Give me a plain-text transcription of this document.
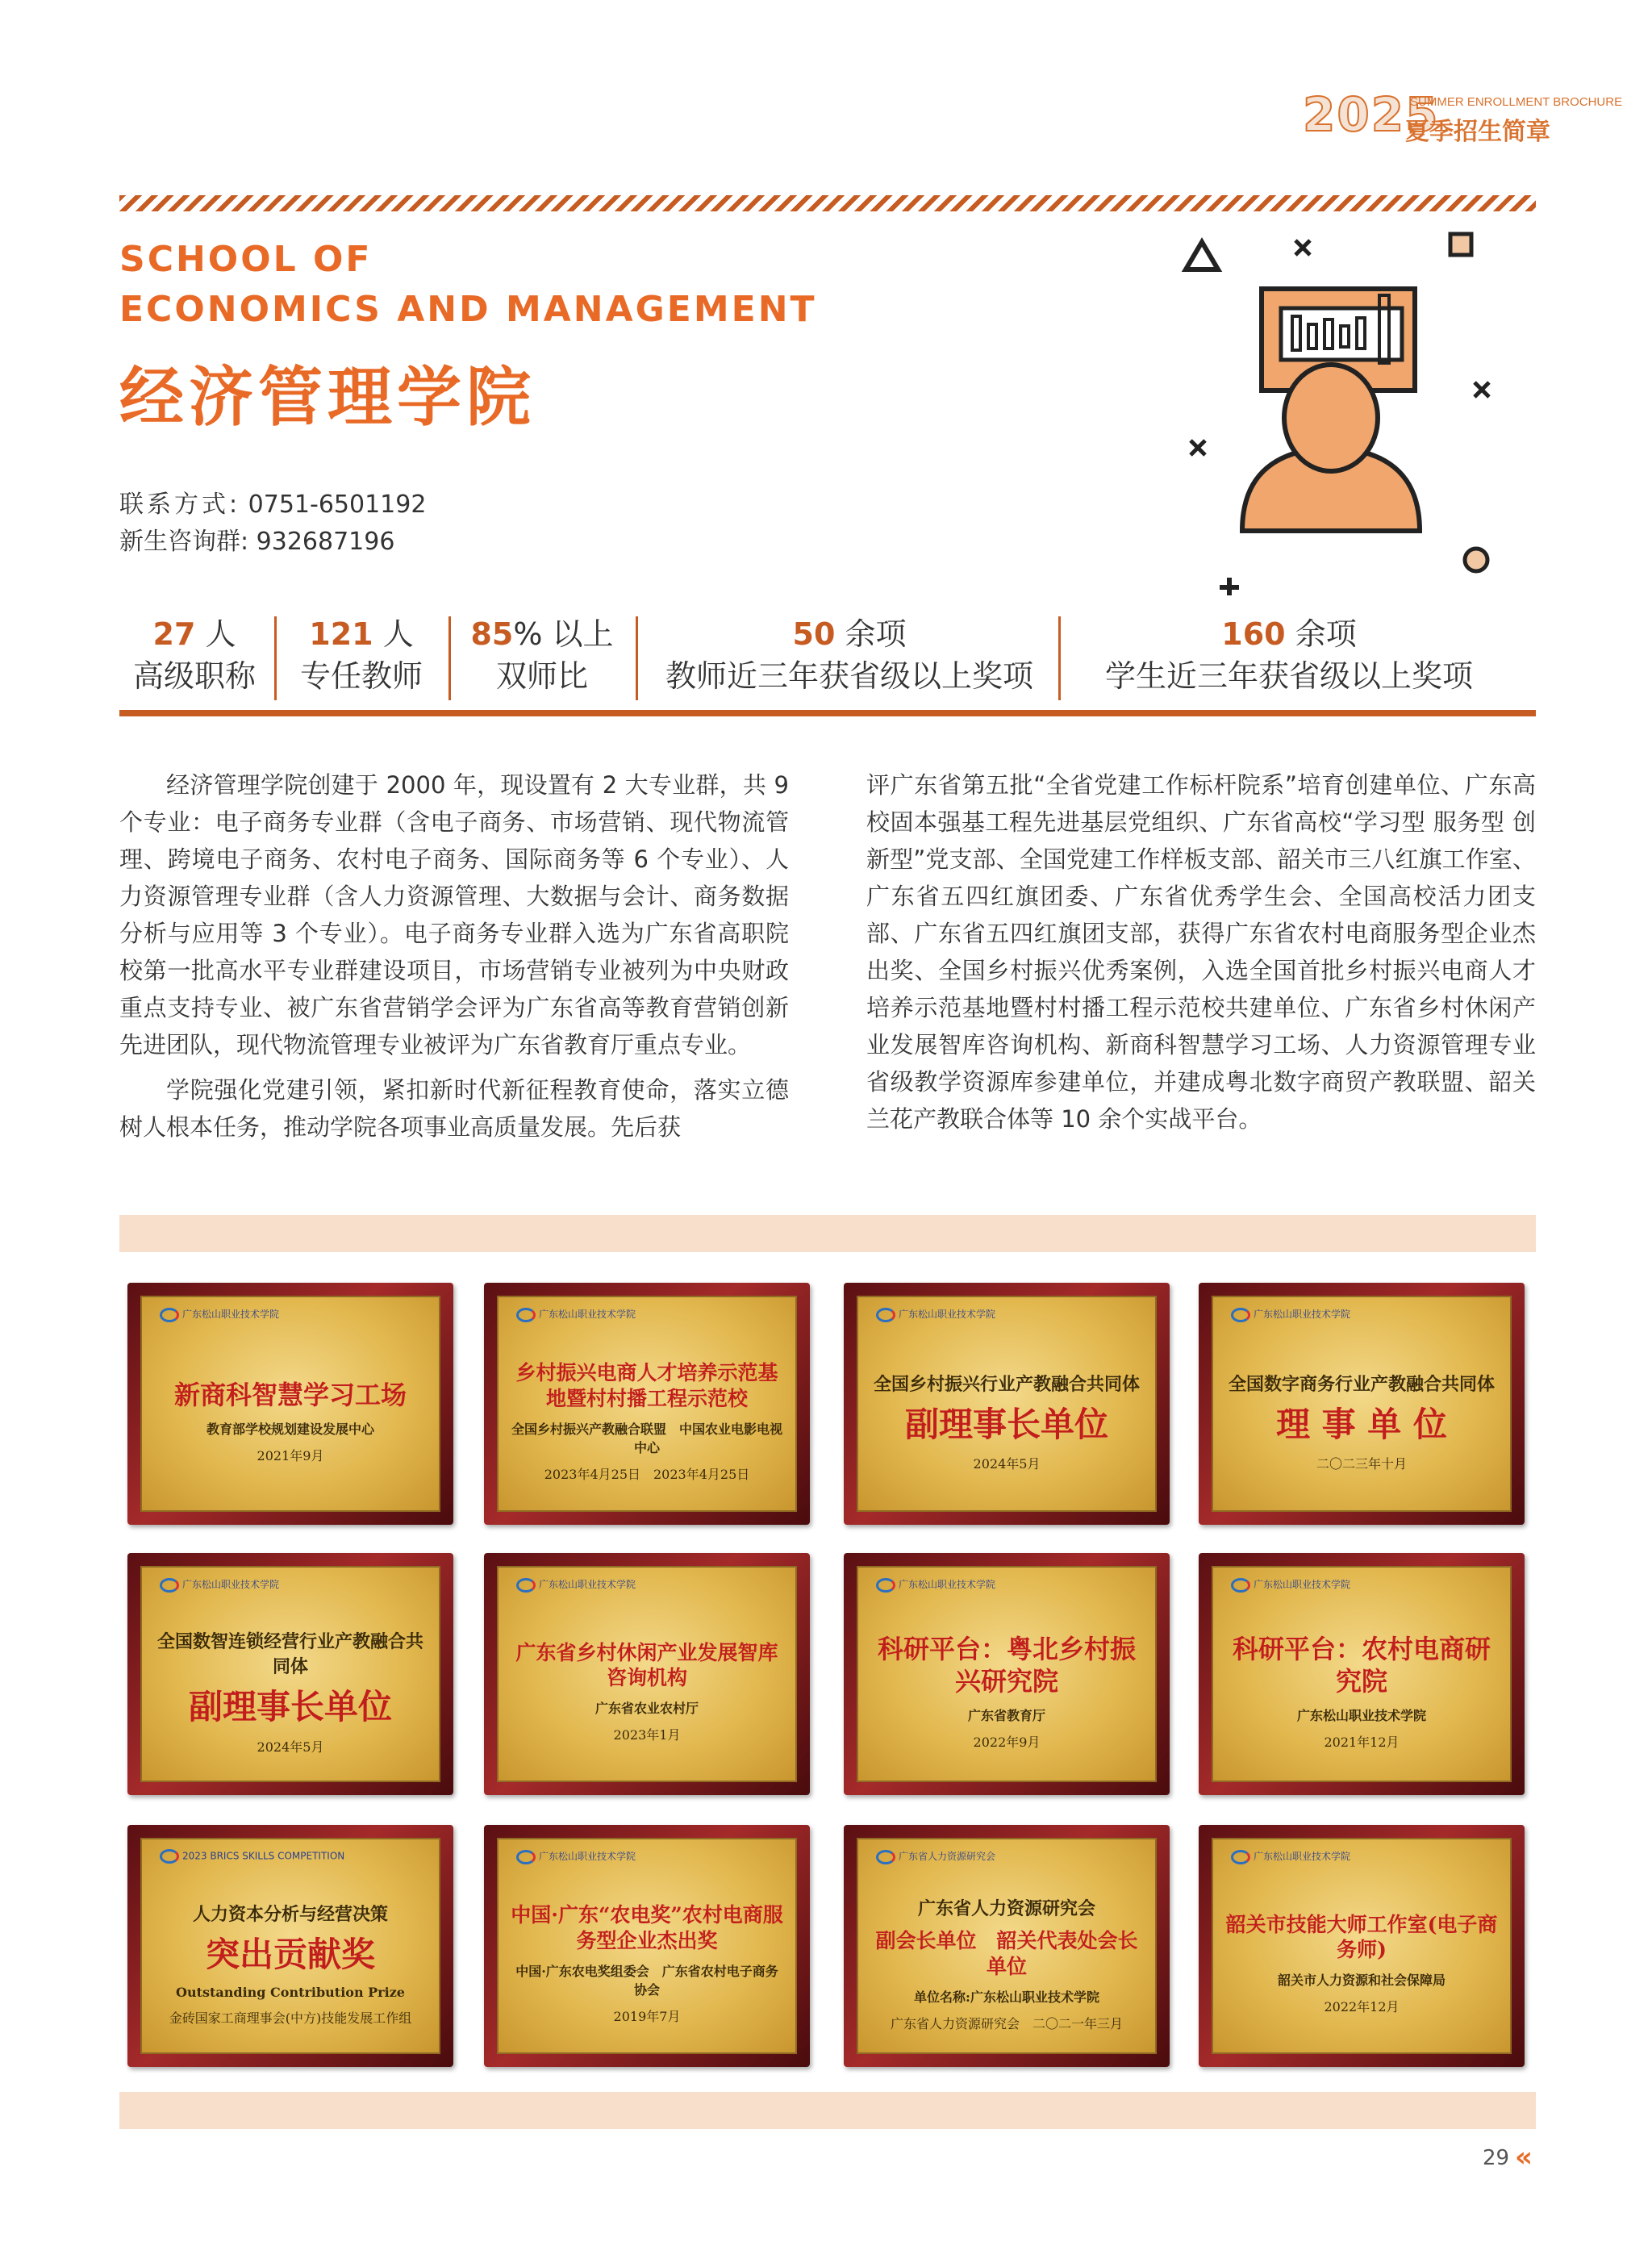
2025
SUMMER ENROLLMENT BROCHURE
夏季招生简章
SCHOOL OF
ECONOMICS AND MANAGEMENT
经济管理学院
联系方式: 0751-6501192
新生咨询群: 932687196
27 人
高级职称
121 人
专任教师
85% 以上
双师比
50 余项
教师近三年获省级以上奖项
160 余项
学生近三年获省级以上奖项

经济管理学院创建于 2000 年，现设置有 2 大专业群，共 9 个专业：电子商务专业群（含电子商务、市场营销、现代物流管理、跨境电子商务、农村电子商务、国际商务等 6 个专业）、人力资源管理专业群（含人力资源管理、大数据与会计、商务数据分析与应用等 3 个专业）。电子商务专业群入选为广东省高职院校第一批高水平专业群建设项目，市场营销专业被列为中央财政重点支持专业、被广东省营销学会评为广东省高等教育营销创新先进团队，现代物流管理专业被评为广东省教育厅重点专业。

学院强化党建引领，紧扣新时代新征程教育使命，落实立德树人根本任务，推动学院各项事业高质量发展。先后获

评广东省第五批“全省党建工作标杆院系”培育创建单位、广东高校固本强基工程先进基层党组织、广东省高校“学习型 服务型 创新型”党支部、全国党建工作样板支部、韶关市三八红旗工作室、广东省五四红旗团委、广东省优秀学生会、全国高校活力团支部、广东省五四红旗团支部，获得广东省农村电商服务型企业杰出奖、全国乡村振兴优秀案例，入选全国首批乡村振兴电商人才培养示范基地暨村村播工程示范校共建单位、广东省乡村休闲产业发展智库咨询机构、新商科智慧学习工场、人力资源管理专业省级教学资源库参建单位，并建成粤北数字商贸产教联盟、韶关兰花产教联合体等 10 余个实战平台。

广东松山职业技术学院
新商科智慧学习工场
教育部学校规划建设发展中心
2021年9月
广东松山职业技术学院
乡村振兴电商人才培养示范基地暨村村播工程示范校
全国乡村振兴产教融合联盟　中国农业电影电视中心
2023年4月25日　2023年4月25日
广东松山职业技术学院
全国乡村振兴行业产教融合共同体
副理事长单位
2024年5月
广东松山职业技术学院
全国数字商务行业产教融合共同体
理 事 单 位
二〇二三年十月
广东松山职业技术学院
全国数智连锁经营行业产教融合共同体
副理事长单位
2024年5月
广东松山职业技术学院
广东省乡村休闲产业发展智库咨询机构
广东省农业农村厅
2023年1月
广东松山职业技术学院
科研平台：粤北乡村振兴研究院
广东省教育厅
2022年9月
广东松山职业技术学院
科研平台：农村电商研究院
广东松山职业技术学院
2021年12月
2023 BRICS SKILLS COMPETITION
人力资本分析与经营决策
突出贡献奖
Outstanding Contribution Prize
金砖国家工商理事会(中方)技能发展工作组
广东松山职业技术学院
中国·广东“农电奖”农村电商服务型企业杰出奖
中国·广东农电奖组委会　广东省农村电子商务协会
2019年7月
广东省人力资源研究会
广东省人力资源研究会
副会长单位　韶关代表处会长单位
单位名称:广东松山职业技术学院
广东省人力资源研究会　二〇二一年三月
广东松山职业技术学院
韶关市技能大师工作室(电子商务师)
韶关市人力资源和社会保障局
2022年12月
29 «
